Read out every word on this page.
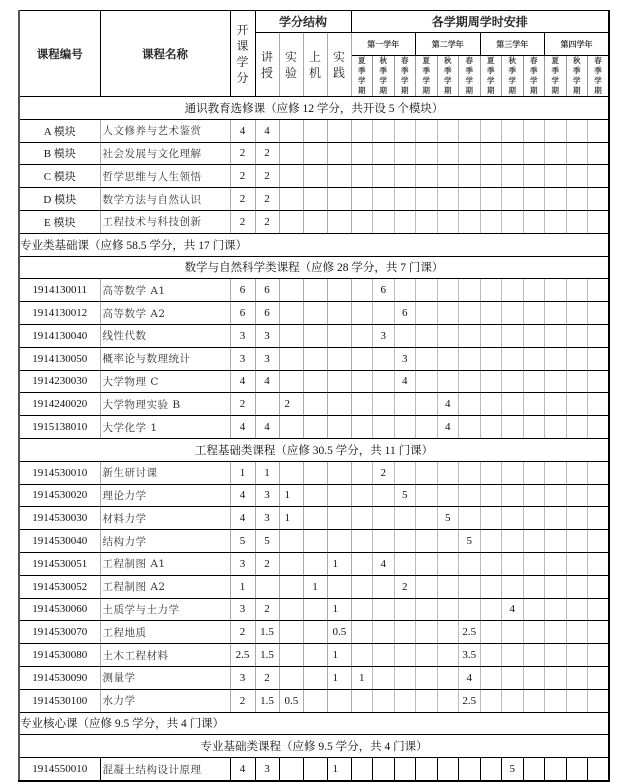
课程编号	课程名称	开课学分	学分结构				各学期周学时安排											
			讲授	实验	上机	实践	第一学年			第二学年			第三学年			第四学年		
							夏季学期	秋季学期	春季学期	夏季学期	秋季学期	春季学期	夏季学期	秋季学期	春季学期	夏季学期	秋季学期	春季学期
通识教育选修课（应修 12 学分，共开设 5 个模块）																		
A 模块	人文修养与艺术鉴赏	4	4															
B 模块	社会发展与文化理解	2	2															
C 模块	哲学思维与人生领悟	2	2															
D 模块	数学方法与自然认识	2	2															
E 模块	工程技术与科技创新	2	2															
专业类基础课（应修 58.5 学分，共 17 门课）																		
数学与自然科学类课程（应修 28 学分，共 7 门课）																		
1914130011	高等数学 A1	6	6					6										
1914130012	高等数学 A2	6	6						6									
1914130040	线性代数	3	3					3										
1914130050	概率论与数理统计	3	3						3									
1914230030	大学物理 C	4	4						4									
1914240020	大学物理实验 B	2		2							4							
1915138010	大学化学 1	4	4								4							
工程基础类课程（应修 30.5 学分，共 11 门课）																		
1914530010	新生研讨课	1	1					2										
1914530020	理论力学	4	3	1					5									
1914530030	材料力学	4	3	1							5							
1914530040	结构力学	5	5									5						
1914530051	工程制图 A1	3	2			1		4										
1914530052	工程制图 A2	1			1				2									
1914530060	土质学与土力学	3	2			1								4				
1914530070	工程地质	2	1.5			0.5						2.5						
1914530080	土木工程材料	2.5	1.5			1						3.5						
1914530090	测量学	3	2			1	1					4						
1914530100	水力学	2	1.5	0.5								2.5						
专业核心课（应修 9.5 学分，共 4 门课）																		
专业基础类课程（应修 9.5 学分，共 4 门课）																		
1914550010	混凝土结构设计原理	4	3			1								5				
